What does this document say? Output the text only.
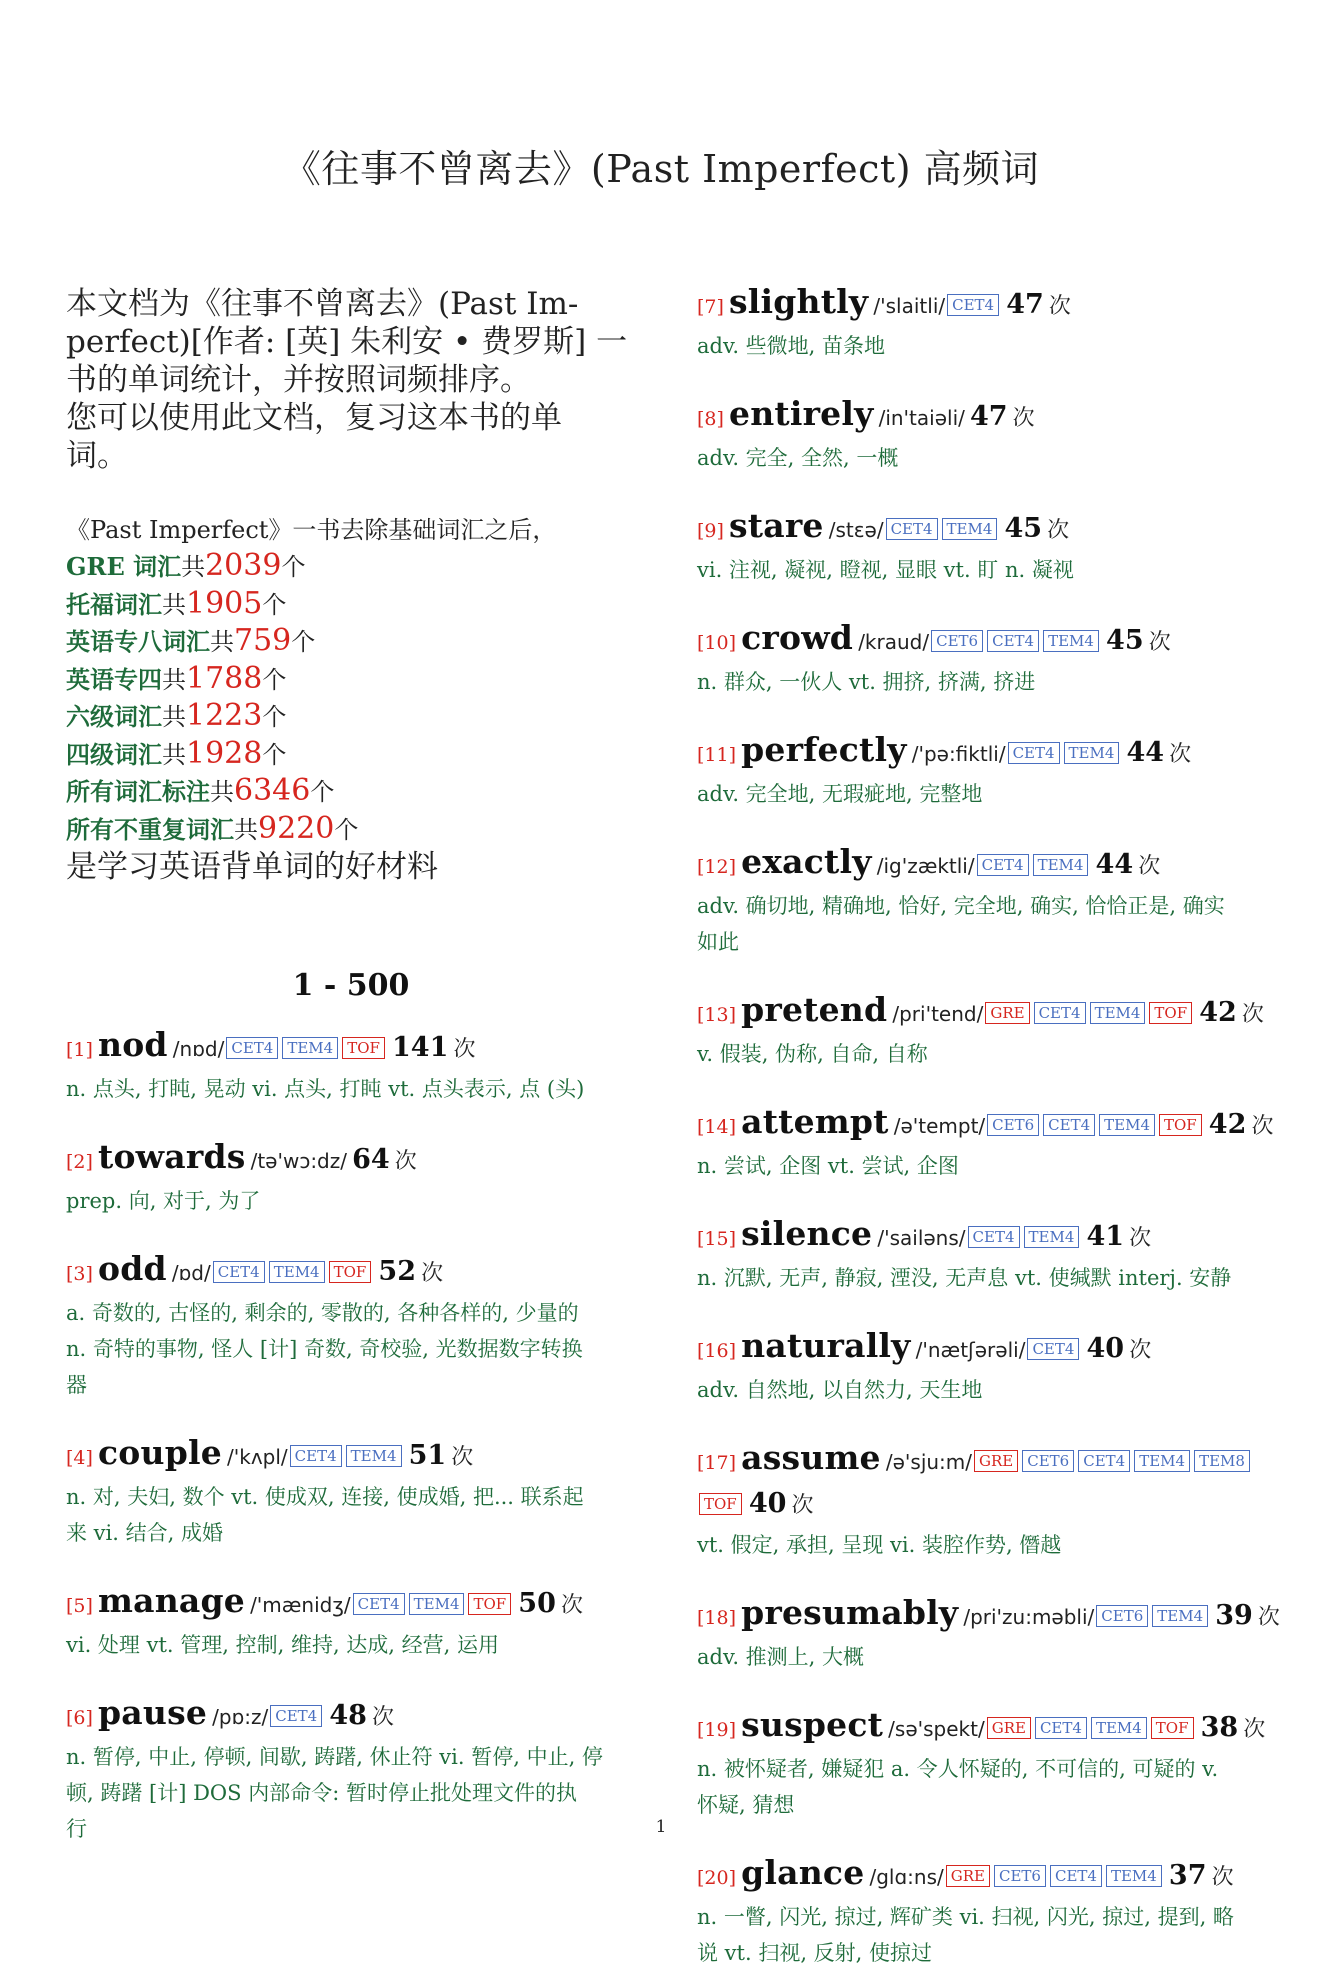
《往事不曾离去》(Past Imperfect) 高频词

本文档为《往事不曾离去》(Past Im-

perfect)[作者: [英] 朱利安 • 费罗斯] 一

书的单词统计，并按照词频排序。

您可以使用此文档，复习这本书的单

词。

《Past Imperfect》一书去除基础词汇之后，
GRE 词汇共2039个
托福词汇共1905个
英语专八词汇共759个
英语专四共1788个
六级词汇共1223个
四级词汇共1928个
所有词汇标注共6346个
所有不重复词汇共9220个
是学习英语背单词的好材料
1 - 500
[1] nod /nɒd/ CET4 TEM4 TOF 141 次
n. 点头, 打盹, 晃动 vi. 点头, 打盹 vt. 点头表示, 点 (头)
[2] towards /tə'wɔ:dz/ 64 次
prep. 向, 对于, 为了
[3] odd /ɒd/ CET4 TEM4 TOF 52 次
a. 奇数的, 古怪的, 剩余的, 零散的, 各种各样的, 少量的
n. 奇特的事物, 怪人 [计] 奇数, 奇校验, 光数据数字转换
器
[4] couple /'kʌpl/ CET4 TEM4 51 次
n. 对, 夫妇, 数个 vt. 使成双, 连接, 使成婚, 把... 联系起
来 vi. 结合, 成婚
[5] manage /'mænidʒ/ CET4 TEM4 TOF 50 次
vi. 处理 vt. 管理, 控制, 维持, 达成, 经营, 运用
[6] pause /pɒ:z/ CET4 48 次
n. 暂停, 中止, 停顿, 间歇, 踌躇, 休止符 vi. 暂停, 中止, 停
顿, 踌躇 [计] DOS 内部命令: 暂时停止批处理文件的执
行
[7] slightly /'slaitli/ CET4 47 次
adv. 些微地, 苗条地
[8] entirely /in'taiəli/ 47 次
adv. 完全, 全然, 一概
[9] stare /stɛə/ CET4 TEM4 45 次
vi. 注视, 凝视, 瞪视, 显眼 vt. 盯 n. 凝视
[10] crowd /kraud/ CET6 CET4 TEM4 45 次
n. 群众, 一伙人 vt. 拥挤, 挤满, 挤进
[11] perfectly /'pə:fiktli/ CET4 TEM4 44 次
adv. 完全地, 无瑕疵地, 完整地
[12] exactly /ig'zæktli/ CET4 TEM4 44 次
adv. 确切地, 精确地, 恰好, 完全地, 确实, 恰恰正是, 确实
如此
[13] pretend /pri'tend/ GRE CET4 TEM4 TOF 42 次
v. 假装, 伪称, 自命, 自称
[14] attempt /ə'tempt/ CET6 CET4 TEM4 TOF 42 次
n. 尝试, 企图 vt. 尝试, 企图
[15] silence /'sailəns/ CET4 TEM4 41 次
n. 沉默, 无声, 静寂, 湮没, 无声息 vt. 使缄默 interj. 安静
[16] naturally /'nætʃərəli/ CET4 40 次
adv. 自然地, 以自然力, 天生地
[17] assume /ə'sju:m/ GRE CET6 CET4 TEM4 TEM8
TOF 40 次
vt. 假定, 承担, 呈现 vi. 装腔作势, 僭越
[18] presumably /pri'zu:məbli/ CET6 TEM4 39 次
adv. 推测上, 大概
[19] suspect /sə'spekt/ GRE CET4 TEM4 TOF 38 次
n. 被怀疑者, 嫌疑犯 a. 令人怀疑的, 不可信的, 可疑的 v.
怀疑, 猜想
[20] glance /glɑ:ns/ GRE CET6 CET4 TEM4 37 次
n. 一瞥, 闪光, 掠过, 辉矿类 vi. 扫视, 闪光, 掠过, 提到, 略
说 vt. 扫视, 反射, 使掠过
1
